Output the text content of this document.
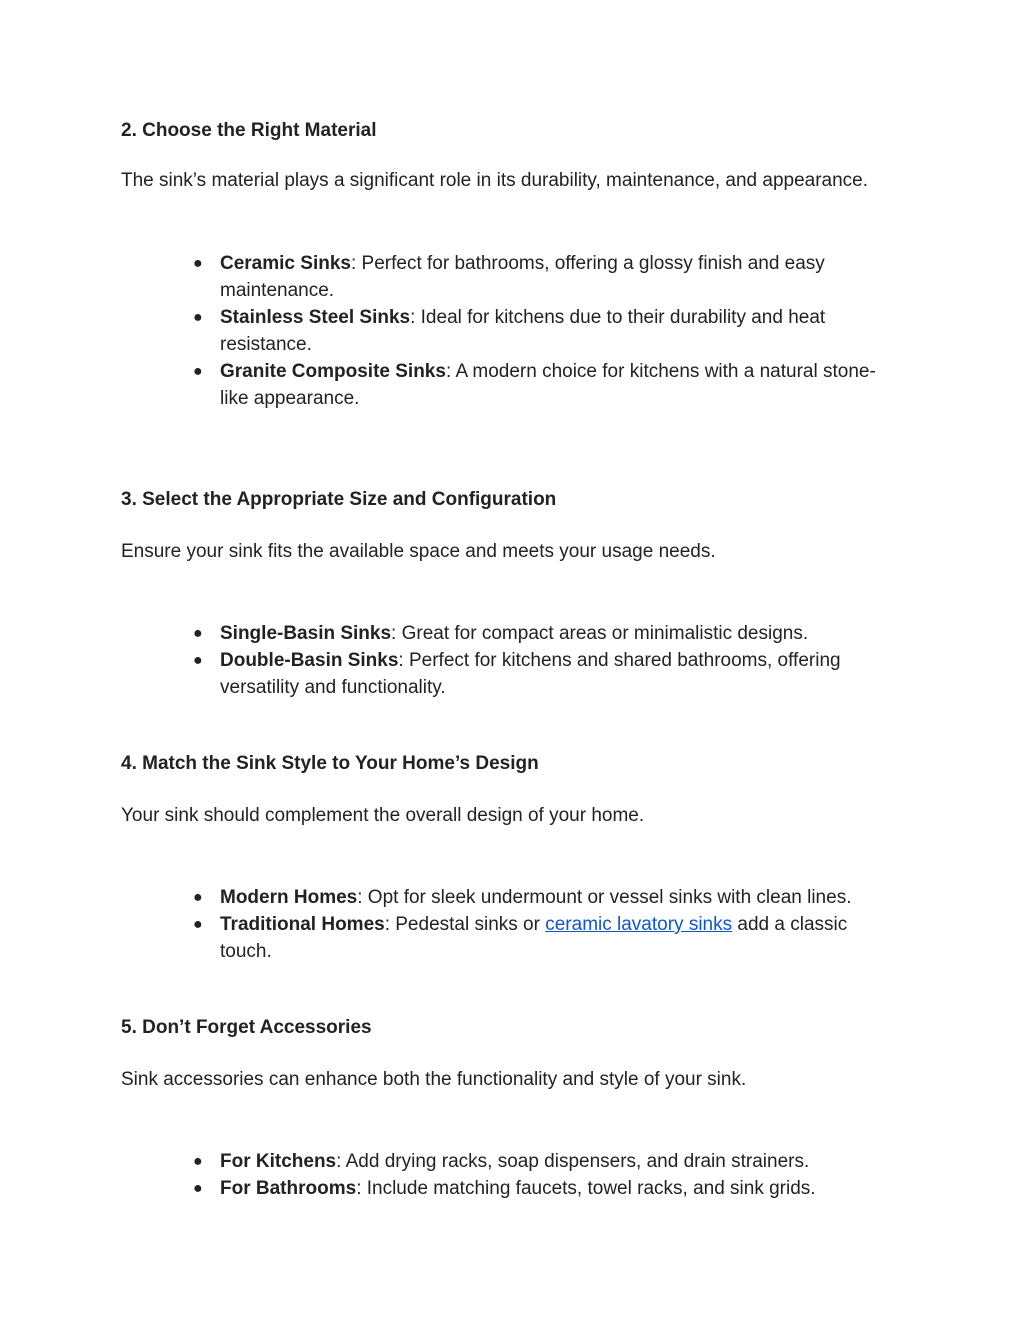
2. Choose the Right Material

The sink’s material plays a significant role in its durability, maintenance, and appearance.

● Ceramic Sinks: Perfect for bathrooms, offering a glossy finish and easy maintenance.
● Stainless Steel Sinks: Ideal for kitchens due to their durability and heat resistance.
● Granite Composite Sinks: A modern choice for kitchens with a natural stone-like appearance.
3. Select the Appropriate Size and Configuration

Ensure your sink fits the available space and meets your usage needs.

● Single-Basin Sinks: Great for compact areas or minimalistic designs.
● Double-Basin Sinks: Perfect for kitchens and shared bathrooms, offering versatility and functionality.
4. Match the Sink Style to Your Home’s Design

Your sink should complement the overall design of your home.

● Modern Homes: Opt for sleek undermount or vessel sinks with clean lines.
● Traditional Homes: Pedestal sinks or ceramic lavatory sinks add a classic touch.
5. Don’t Forget Accessories

Sink accessories can enhance both the functionality and style of your sink.

● For Kitchens: Add drying racks, soap dispensers, and drain strainers.
● For Bathrooms: Include matching faucets, towel racks, and sink grids.
